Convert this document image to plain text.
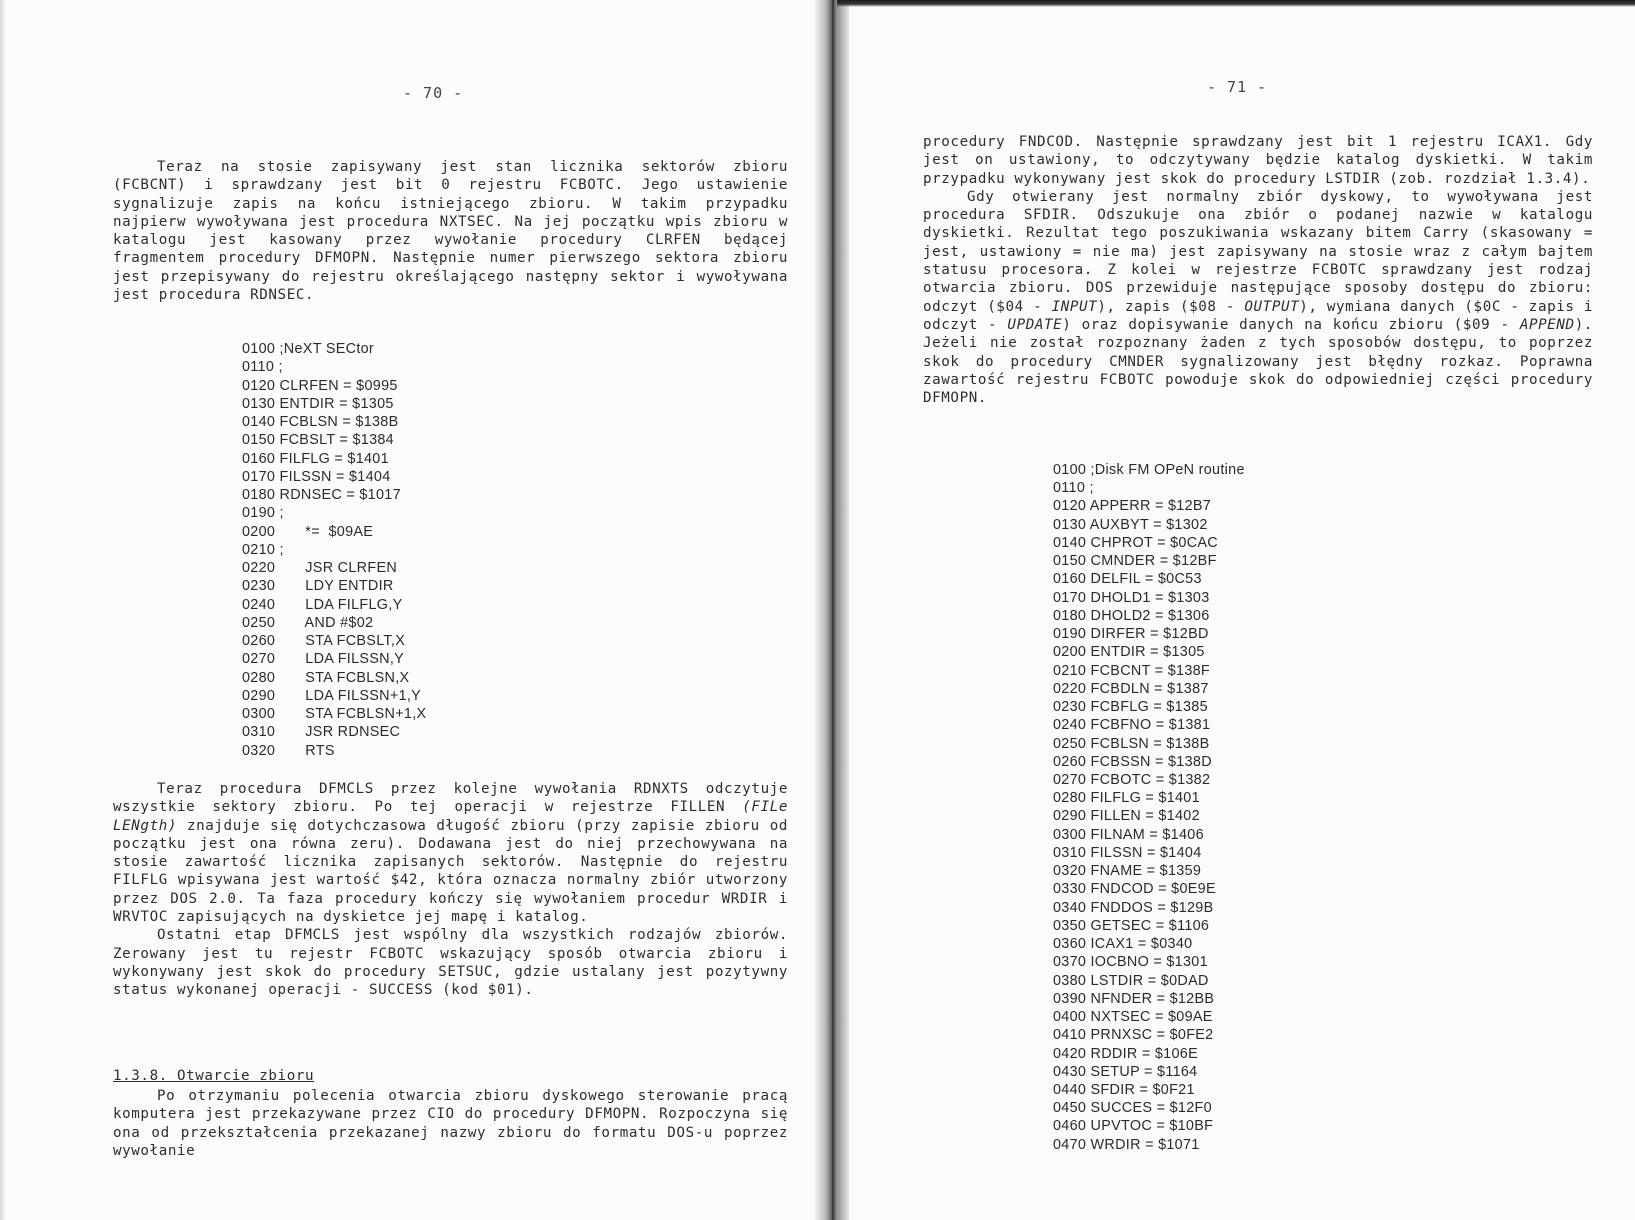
- 70 -

Teraz na stosie zapisywany jest stan licznika sektorów zbioru (FCBCNT) i sprawdzany jest bit 0 rejestru FCBOTC. Jego ustawienie sygnalizuje zapis na końcu istniejącego zbioru. W takim przypadku najpierw wywoływana jest procedura NXTSEC. Na jej początku wpis zbioru w katalogu jest kasowany przez wywołanie procedury CLRFEN będącej fragmentem procedury DFMOPN. Następnie numer pierwszego sektora zbioru jest przepisywany do rejestru określającego następny sektor i wywoływana jest procedura RDNSEC.

0100 ;NeXT SECtor
0110 ;
0120 CLRFEN = $0995
0130 ENTDIR = $1305
0140 FCBLSN = $138B
0150 FCBSLT = $1384
0160 FILFLG = $1401
0170 FILSSN = $1404
0180 RDNSEC = $1017
0190 ;
0200       *=  $09AE
0210 ;
0220       JSR CLRFEN
0230       LDY ENTDIR
0240       LDA FILFLG,Y
0250       AND #$02
0260       STA FCBSLT,X
0270       LDA FILSSN,Y
0280       STA FCBLSN,X
0290       LDA FILSSN+1,Y
0300       STA FCBLSN+1,X
0310       JSR RDNSEC
0320       RTS

Teraz procedura DFMCLS przez kolejne wywołania RDNXTS odczytuje wszystkie sektory zbioru. Po tej operacji w rejestrze FILLEN (FILe LENgth) znajduje się dotychczasowa długość zbioru (przy zapisie zbioru od początku jest ona równa zeru). Dodawana jest do niej przechowywana na stosie zawartość licznika zapisanych sektorów. Następnie do rejestru FILFLG wpisywana jest wartość $42, która oznacza normalny zbiór utworzony przez DOS 2.0. Ta faza procedury kończy się wywołaniem procedur WRDIR i WRVTOC zapisujących na dyskietce jej mapę i katalog.

Ostatni etap DFMCLS jest wspólny dla wszystkich rodzajów zbiorów. Zerowany jest tu rejestr FCBOTC wskazujący sposób otwarcia zbioru i wykonywany jest skok do procedury SETSUC, gdzie ustalany jest pozytywny status wykonanej operacji - SUCCESS (kod $01).

1.3.8. Otwarcie zbioru

Po otrzymaniu polecenia otwarcia zbioru dyskowego sterowanie pracą komputera jest przekazywane przez CIO do procedury DFMOPN. Rozpoczyna się ona od przekształcenia przekazanej nazwy zbioru do formatu DOS-u poprzez wywołanie

- 71 -

procedury FNDCOD. Następnie sprawdzany jest bit 1 rejestru ICAX1. Gdy jest on ustawiony, to odczytywany będzie katalog dyskietki. W takim przypadku wykonywany jest skok do procedury LSTDIR (zob. rozdział 1.3.4).

Gdy otwierany jest normalny zbiór dyskowy, to wywoływana jest procedura SFDIR. Odszukuje ona zbiór o podanej nazwie w katalogu dyskietki. Rezultat tego poszukiwania wskazany bitem Carry (skasowany = jest, ustawiony = nie ma) jest zapisywany na stosie wraz z całym bajtem statusu procesora. Z kolei w rejestrze FCBOTC sprawdzany jest rodzaj otwarcia zbioru. DOS przewiduje następujące sposoby dostępu do zbioru: odczyt ($04 - INPUT), zapis ($08 - OUTPUT), wymiana danych ($0C - zapis i odczyt - UPDATE) oraz dopisywanie danych na końcu zbioru ($09 - APPEND). Jeżeli nie został rozpoznany żaden z tych sposobów dostępu, to poprzez skok do procedury CMNDER sygnalizowany jest błędny rozkaz. Poprawna zawartość rejestru FCBOTC powoduje skok do odpowiedniej części procedury DFMOPN.

0100 ;Disk FM OPeN routine
0110 ;
0120 APPERR = $12B7
0130 AUXBYT = $1302
0140 CHPROT = $0CAC
0150 CMNDER = $12BF
0160 DELFIL = $0C53
0170 DHOLD1 = $1303
0180 DHOLD2 = $1306
0190 DIRFER = $12BD
0200 ENTDIR = $1305
0210 FCBCNT = $138F
0220 FCBDLN = $1387
0230 FCBFLG = $1385
0240 FCBFNO = $1381
0250 FCBLSN = $138B
0260 FCBSSN = $138D
0270 FCBOTC = $1382
0280 FILFLG = $1401
0290 FILLEN = $1402
0300 FILNAM = $1406
0310 FILSSN = $1404
0320 FNAME = $1359
0330 FNDCOD = $0E9E
0340 FNDDOS = $129B
0350 GETSEC = $1106
0360 ICAX1 = $0340
0370 IOCBNO = $1301
0380 LSTDIR = $0DAD
0390 NFNDER = $12BB
0400 NXTSEC = $09AE
0410 PRNXSC = $0FE2
0420 RDDIR = $106E
0430 SETUP = $1164
0440 SFDIR = $0F21
0450 SUCCES = $12F0
0460 UPVTOC = $10BF
0470 WRDIR = $1071
